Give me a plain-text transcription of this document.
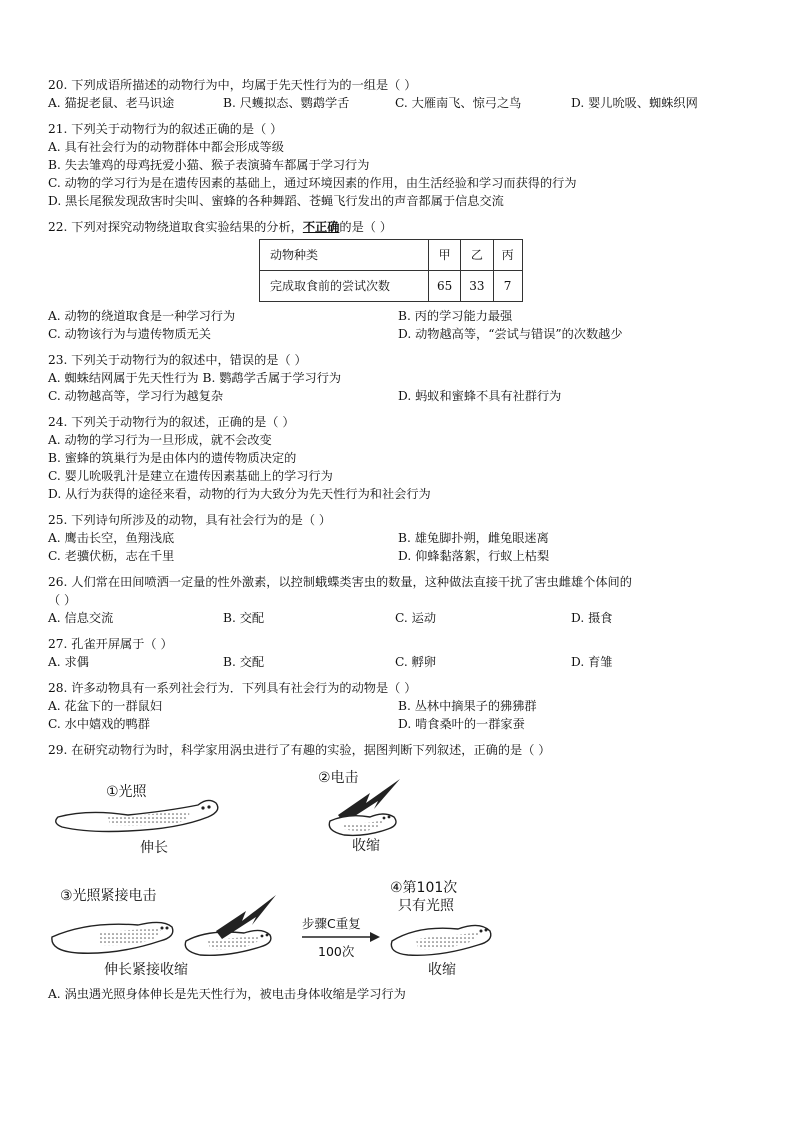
20. 下列成语所描述的动物行为中，均属于先天性行为的一组是（ ）
A. 猫捉老鼠、老马识途	B. 尺蠖拟态、鹦鹉学舌	C. 大雁南飞、惊弓之鸟	D. 婴儿吮吸、蜘蛛织网
21. 下列关于动物行为的叙述正确的是（ ）
A. 具有社会行为的动物群体中都会形成等级
B. 失去雏鸡的母鸡抚爱小猫、猴子表演骑车都属于学习行为
C. 动物的学习行为是在遗传因素的基础上，通过环境因素的作用，由生活经验和学习而获得的行为
D. 黑长尾猴发现敌害时尖叫、蜜蜂的各种舞蹈、苍蝇飞行发出的声音都属于信息交流
22. 下列对探究动物绕道取食实验结果的分析，不正确的是（ ）
动物种类	甲	乙	丙
完成取食前的尝试次数	65	33	7
A. 动物的绕道取食是一种学习行为	B. 丙的学习能力最强
C. 动物该行为与遗传物质无关	D. 动物越高等，“尝试与错误”的次数越少
23. 下列关于动物行为的叙述中，错误的是（ ）
A. 蜘蛛结网属于先天性行为 B. 鹦鹉学舌属于学习行为
C. 动物越高等，学习行为越复杂	D. 蚂蚁和蜜蜂不具有社群行为
24. 下列关于动物行为的叙述，正确的是（ ）
A. 动物的学习行为一旦形成，就不会改变
B. 蜜蜂的筑巢行为是由体内的遗传物质决定的
C. 婴儿吮吸乳汁是建立在遗传因素基础上的学习行为
D. 从行为获得的途径来看，动物的行为大致分为先天性行为和社会行为
25. 下列诗句所涉及的动物，具有社会行为的是（ ）
A. 鹰击长空，鱼翔浅底	B. 雄兔脚扑朔，雌兔眼迷离
C. 老骥伏枥，志在千里	D. 仰蜂黏落絮，行蚁上枯梨
26. 人们常在田间喷洒一定量的性外激素，以控制蛾蝶类害虫的数量，这种做法直接干扰了害虫雌雄个体间的
（ ）
A. 信息交流	B. 交配	C. 运动	D. 摄食
27. 孔雀开屏属于（ ）
A. 求偶	B. 交配	C. 孵卵	D. 育雏
28. 许多动物具有一系列社会行为．下列具有社会行为的动物是（ ）
A. 花盆下的一群鼠妇	B. 丛林中摘果子的狒狒群
C. 水中嬉戏的鸭群	D. 啃食桑叶的一群家蚕
29. 在研究动物行为时，科学家用涡虫进行了有趣的实验，据图判断下列叙述，正确的是（ ）
①光照
伸长
②电击
收缩
③光照紧接电击
伸长紧接收缩
步骤C重复
100次
④第101次
只有光照
收缩
A. 涡虫遇光照身体伸长是先天性行为，被电击身体收缩是学习行为
